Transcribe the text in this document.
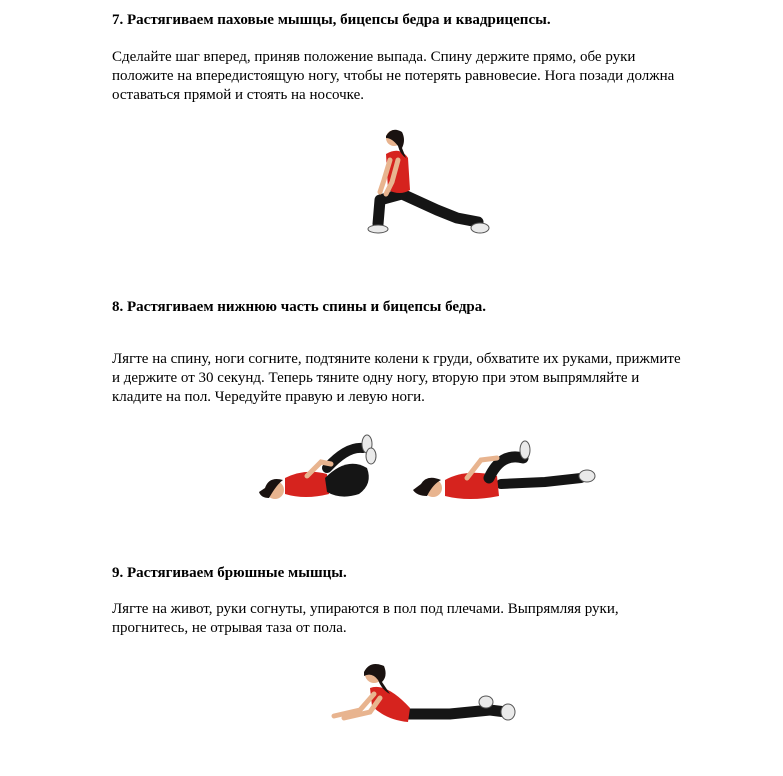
7. Растягиваем паховые мышцы, бицепсы бедра и квадрицепсы.
Сделайте шаг вперед, приняв положение выпада. Спину держите прямо, обе руки
положите на впередистоящую ногу, чтобы не потерять равновесие. Нога позади должна
оставаться прямой и стоять на носочке.
8. Растягиваем нижнюю часть спины и бицепсы бедра.
Лягте на спину, ноги согните, подтяните колени к груди, обхватите их руками, прижмите
и держите от 30 секунд. Теперь тяните одну ногу, вторую при этом выпрямляйте и
кладите на пол. Чередуйте правую и левую ноги.
9. Растягиваем брюшные мышцы.
Лягте на живот, руки согнуты, упираются в пол под плечами. Выпрямляя руки,
прогнитесь, не отрывая таза от пола.
